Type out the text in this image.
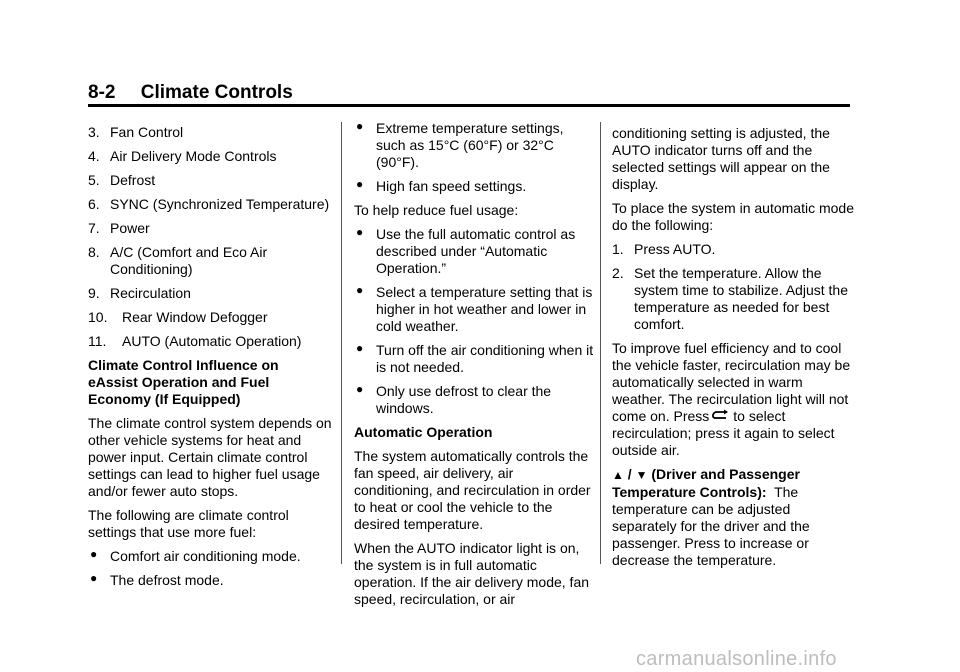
8-2 Climate Controls
3. Fan Control
4. Air Delivery Mode Controls
5. Defrost
6. SYNC (Synchronized Temperature)
7. Power
8. A/C (Comfort and Eco Air Conditioning)
9. Recirculation
10. Rear Window Defogger
11. AUTO (Automatic Operation)

Climate Control Influence on eAssist Operation and Fuel Economy (If Equipped)

The climate control system depends on other vehicle systems for heat and power input. Certain climate control settings can lead to higher fuel usage and/or fewer auto stops.

The following are climate control settings that use more fuel:

● Comfort air conditioning mode.
● The defrost mode.
● Extreme temperature settings, such as 15°C (60°F) or 32°C (90°F).
● High fan speed settings.

To help reduce fuel usage:

● Use the full automatic control as described under “Automatic Operation.”
● Select a temperature setting that is higher in hot weather and lower in cold weather.
● Turn off the air conditioning when it is not needed.
● Only use defrost to clear the windows.

Automatic Operation

The system automatically controls the fan speed, air delivery, air conditioning, and recirculation in order to heat or cool the vehicle to the desired temperature.

When the AUTO indicator light is on, the system is in full automatic operation. If the air delivery mode, fan speed, recirculation, or air

conditioning setting is adjusted, the AUTO indicator turns off and the selected settings will appear on the display.

To place the system in automatic mode do the following:

1. Press AUTO.
2. Set the temperature. Allow the system time to stabilize. Adjust the temperature as needed for best comfort.

To improve fuel efficiency and to cool the vehicle faster, recirculation may be automatically selected in warm weather. The recirculation light will not come on. Press to select recirculation; press it again to select outside air.

▲ / ▼ (Driver and Passenger Temperature Controls): The temperature can be adjusted separately for the driver and the passenger. Press to increase or decrease the temperature.

carmanualsonline.info
